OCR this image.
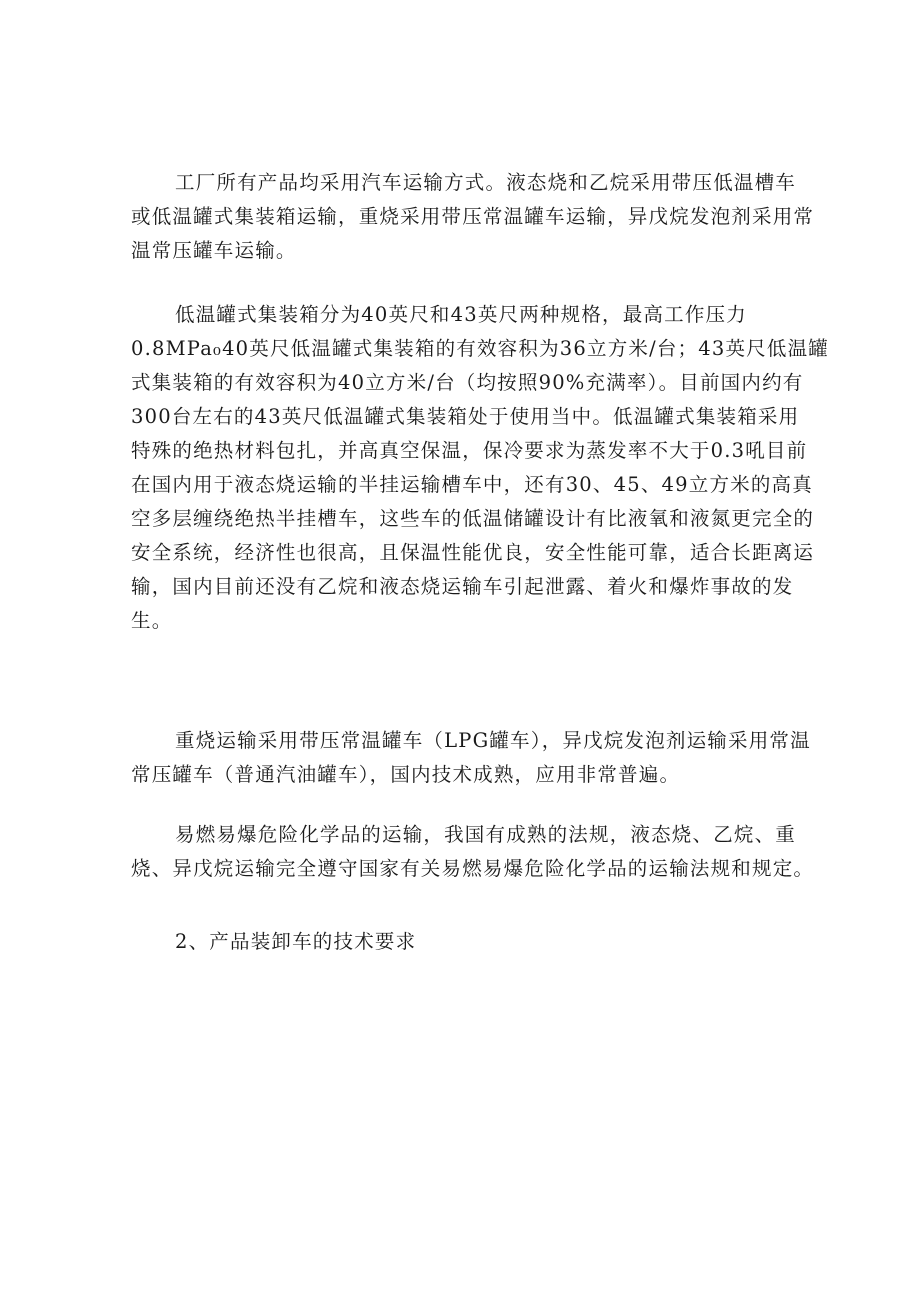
工厂所有产品均采用汽车运输方式。液态烧和乙烷采用带压低温槽车
或低温罐式集装箱运输，重烧采用带压常温罐车运输，异戊烷发泡剂采用常
温常压罐车运输。

低温罐式集装箱分为40英尺和43英尺两种规格，最高工作压力
0.8MPa₀40英尺低温罐式集装箱的有效容积为36立方米/台；43英尺低温罐
式集装箱的有效容积为40立方米/台（均按照90%充满率）。目前国内约有
300台左右的43英尺低温罐式集装箱处于使用当中。低温罐式集装箱采用
特殊的绝热材料包扎，并高真空保温，保冷要求为蒸发率不大于0.3吼目前
在国内用于液态烧运输的半挂运输槽车中，还有30、45、49立方米的高真
空多层缠绕绝热半挂槽车，这些车的低温储罐设计有比液氧和液氮更完全的
安全系统，经济性也很高，且保温性能优良，安全性能可靠，适合长距离运
输，国内目前还没有乙烷和液态烧运输车引起泄露、着火和爆炸事故的发
生。

重烧运输采用带压常温罐车（LPG罐车），异戊烷发泡剂运输采用常温
常压罐车（普通汽油罐车），国内技术成熟，应用非常普遍。

易燃易爆危险化学品的运输，我国有成熟的法规，液态烧、乙烷、重
烧、异戊烷运输完全遵守国家有关易燃易爆危险化学品的运输法规和规定。

2、产品装卸车的技术要求
